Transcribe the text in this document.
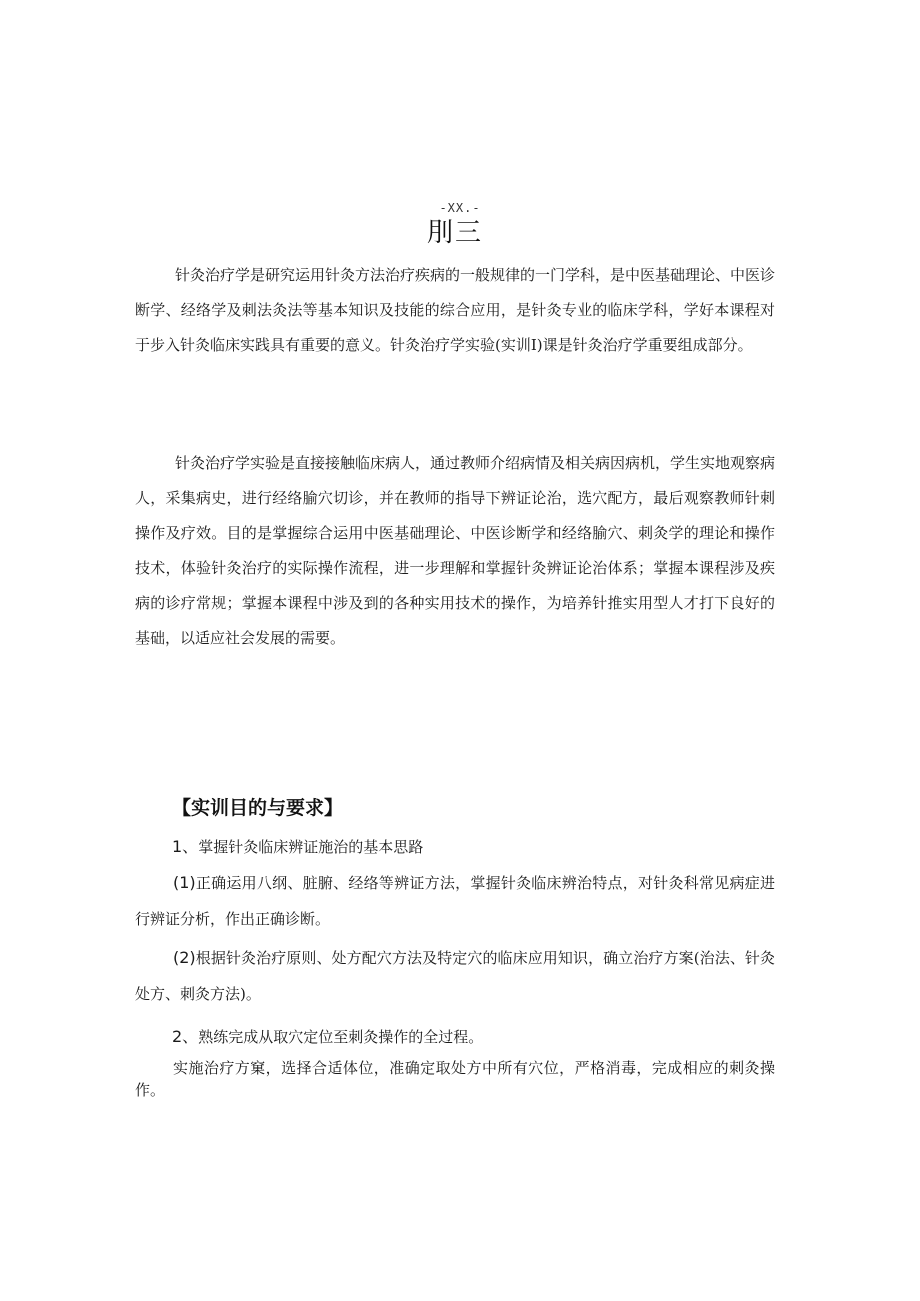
-XX.-
刖三

针灸治疗学是研究运用针灸方法治疗疾病的一般规律的一门学科，是中医基础理论、中医诊断学、经络学及刺法灸法等基本知识及技能的综合应用，是针灸专业的临床学科，学好本课程对于步入针灸临床实践具有重要的意义。针灸治疗学实验(实训Ⅰ)课是针灸治疗学重要组成部分。

针灸治疗学实验是直接接触临床病人，通过教师介绍病情及相关病因病机，学生实地观察病人，采集病史，进行经络腧穴切诊，并在教师的指导下辨证论治，选穴配方，最后观察教师针刺操作及疗效。目的是掌握综合运用中医基础理论、中医诊断学和经络腧穴、刺灸学的理论和操作技术，体验针灸治疗的实际操作流程，进一步理解和掌握针灸辨证论治体系；掌握本课程涉及疾病的诊疗常规；掌握本课程中涉及到的各种实用技术的操作，为培养针推实用型人才打下良好的基础，以适应社会发展的需要。

【实训目的与要求】

1、掌握针灸临床辨证施治的基本思路

(1)正确运用八纲、脏腑、经络等辨证方法，掌握针灸临床辨治特点，对针灸科常见病症进行辨证分析，作出正确诊断。

(2)根据针灸治疗原则、处方配穴方法及特定穴的临床应用知识，确立治疗方案(治法、针灸处方、刺灸方法)。

2、熟练完成从取穴定位至刺灸操作的全过程。

实施治疗方窠，选择合适体位，准确定取处方中所有穴位，严格消毒，完成相应的刺灸操作。
